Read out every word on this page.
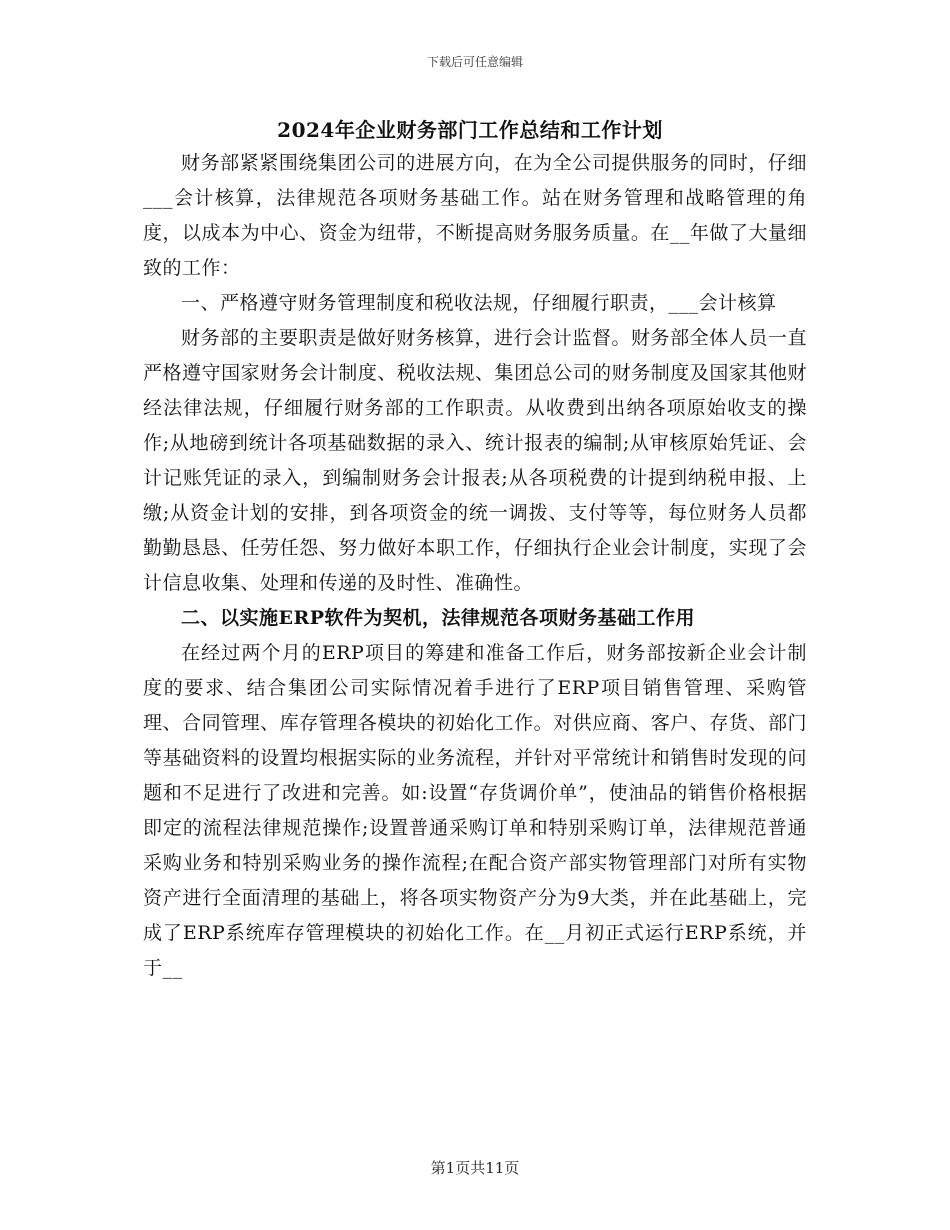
下载后可任意编辑
2024年企业财务部门工作总结和工作计划

财务部紧紧围绕集团公司的进展方向，在为全公司提供服务的同时，仔细___会计核算，法律规范各项财务基础工作。站在财务管理和战略管理的角度，以成本为中心、资金为纽带，不断提高财务服务质量。在__年做了大量细致的工作：

一、严格遵守财务管理制度和税收法规，仔细履行职责，___会计核算

财务部的主要职责是做好财务核算，进行会计监督。财务部全体人员一直严格遵守国家财务会计制度、税收法规、集团总公司的财务制度及国家其他财经法律法规，仔细履行财务部的工作职责。从收费到出纳各项原始收支的操作;从地磅到统计各项基础数据的录入、统计报表的编制;从审核原始凭证、会计记账凭证的录入，到编制财务会计报表;从各项税费的计提到纳税申报、上缴;从资金计划的安排，到各项资金的统一调拨、支付等等，每位财务人员都勤勤恳恳、任劳任怨、努力做好本职工作，仔细执行企业会计制度，实现了会计信息收集、处理和传递的及时性、准确性。

二、以实施ERP软件为契机，法律规范各项财务基础工作用

在经过两个月的ERP项目的筹建和准备工作后，财务部按新企业会计制度的要求、结合集团公司实际情况着手进行了ERP项目销售管理、采购管理、合同管理、库存管理各模块的初始化工作。对供应商、客户、存货、部门等基础资料的设置均根据实际的业务流程，并针对平常统计和销售时发现的问题和不足进行了改进和完善。如:设置“存货调价单”，使油品的销售价格根据即定的流程法律规范操作;设置普通采购订单和特别采购订单，法律规范普通采购业务和特别采购业务的操作流程;在配合资产部实物管理部门对所有实物资产进行全面清理的基础上，将各项实物资产分为9大类，并在此基础上，完成了ERP系统库存管理模块的初始化工作。在__月初正式运行ERP系统，并于__

第1页共11页
